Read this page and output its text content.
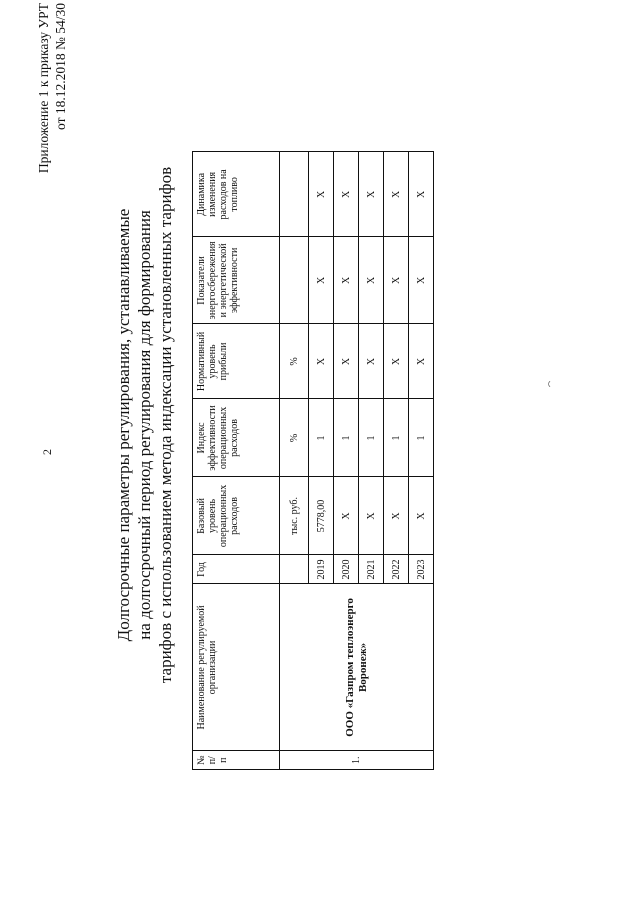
Приложение 1 к приказу УРТ от 18.12.2018 № 54/30
2	Долгосрочные параметры регулирования, устанавливаемые на долгосрочный период регулирования для формирования тарифов с использованием метода индексации установленных тарифов
№ п/п	Наименование регулируемой организации	Год	Базовый уровень операционных расходов	Индекс эффективности операционных расходов	Нормативный уровень прибыли	Показатели энергосбережения и энергетической эффективности	Динамика изменения расходов на топливо
1.	ООО «Газпром теплоэнерго Воронеж»		тыс. руб.	%	%		
		2019	5778,00	1	X	X	X
		2020	X	1	X	X	X
		2021	X	1	X	X	X
		2022	X	1	X	X	X
		2023	X	1	X	X	X
